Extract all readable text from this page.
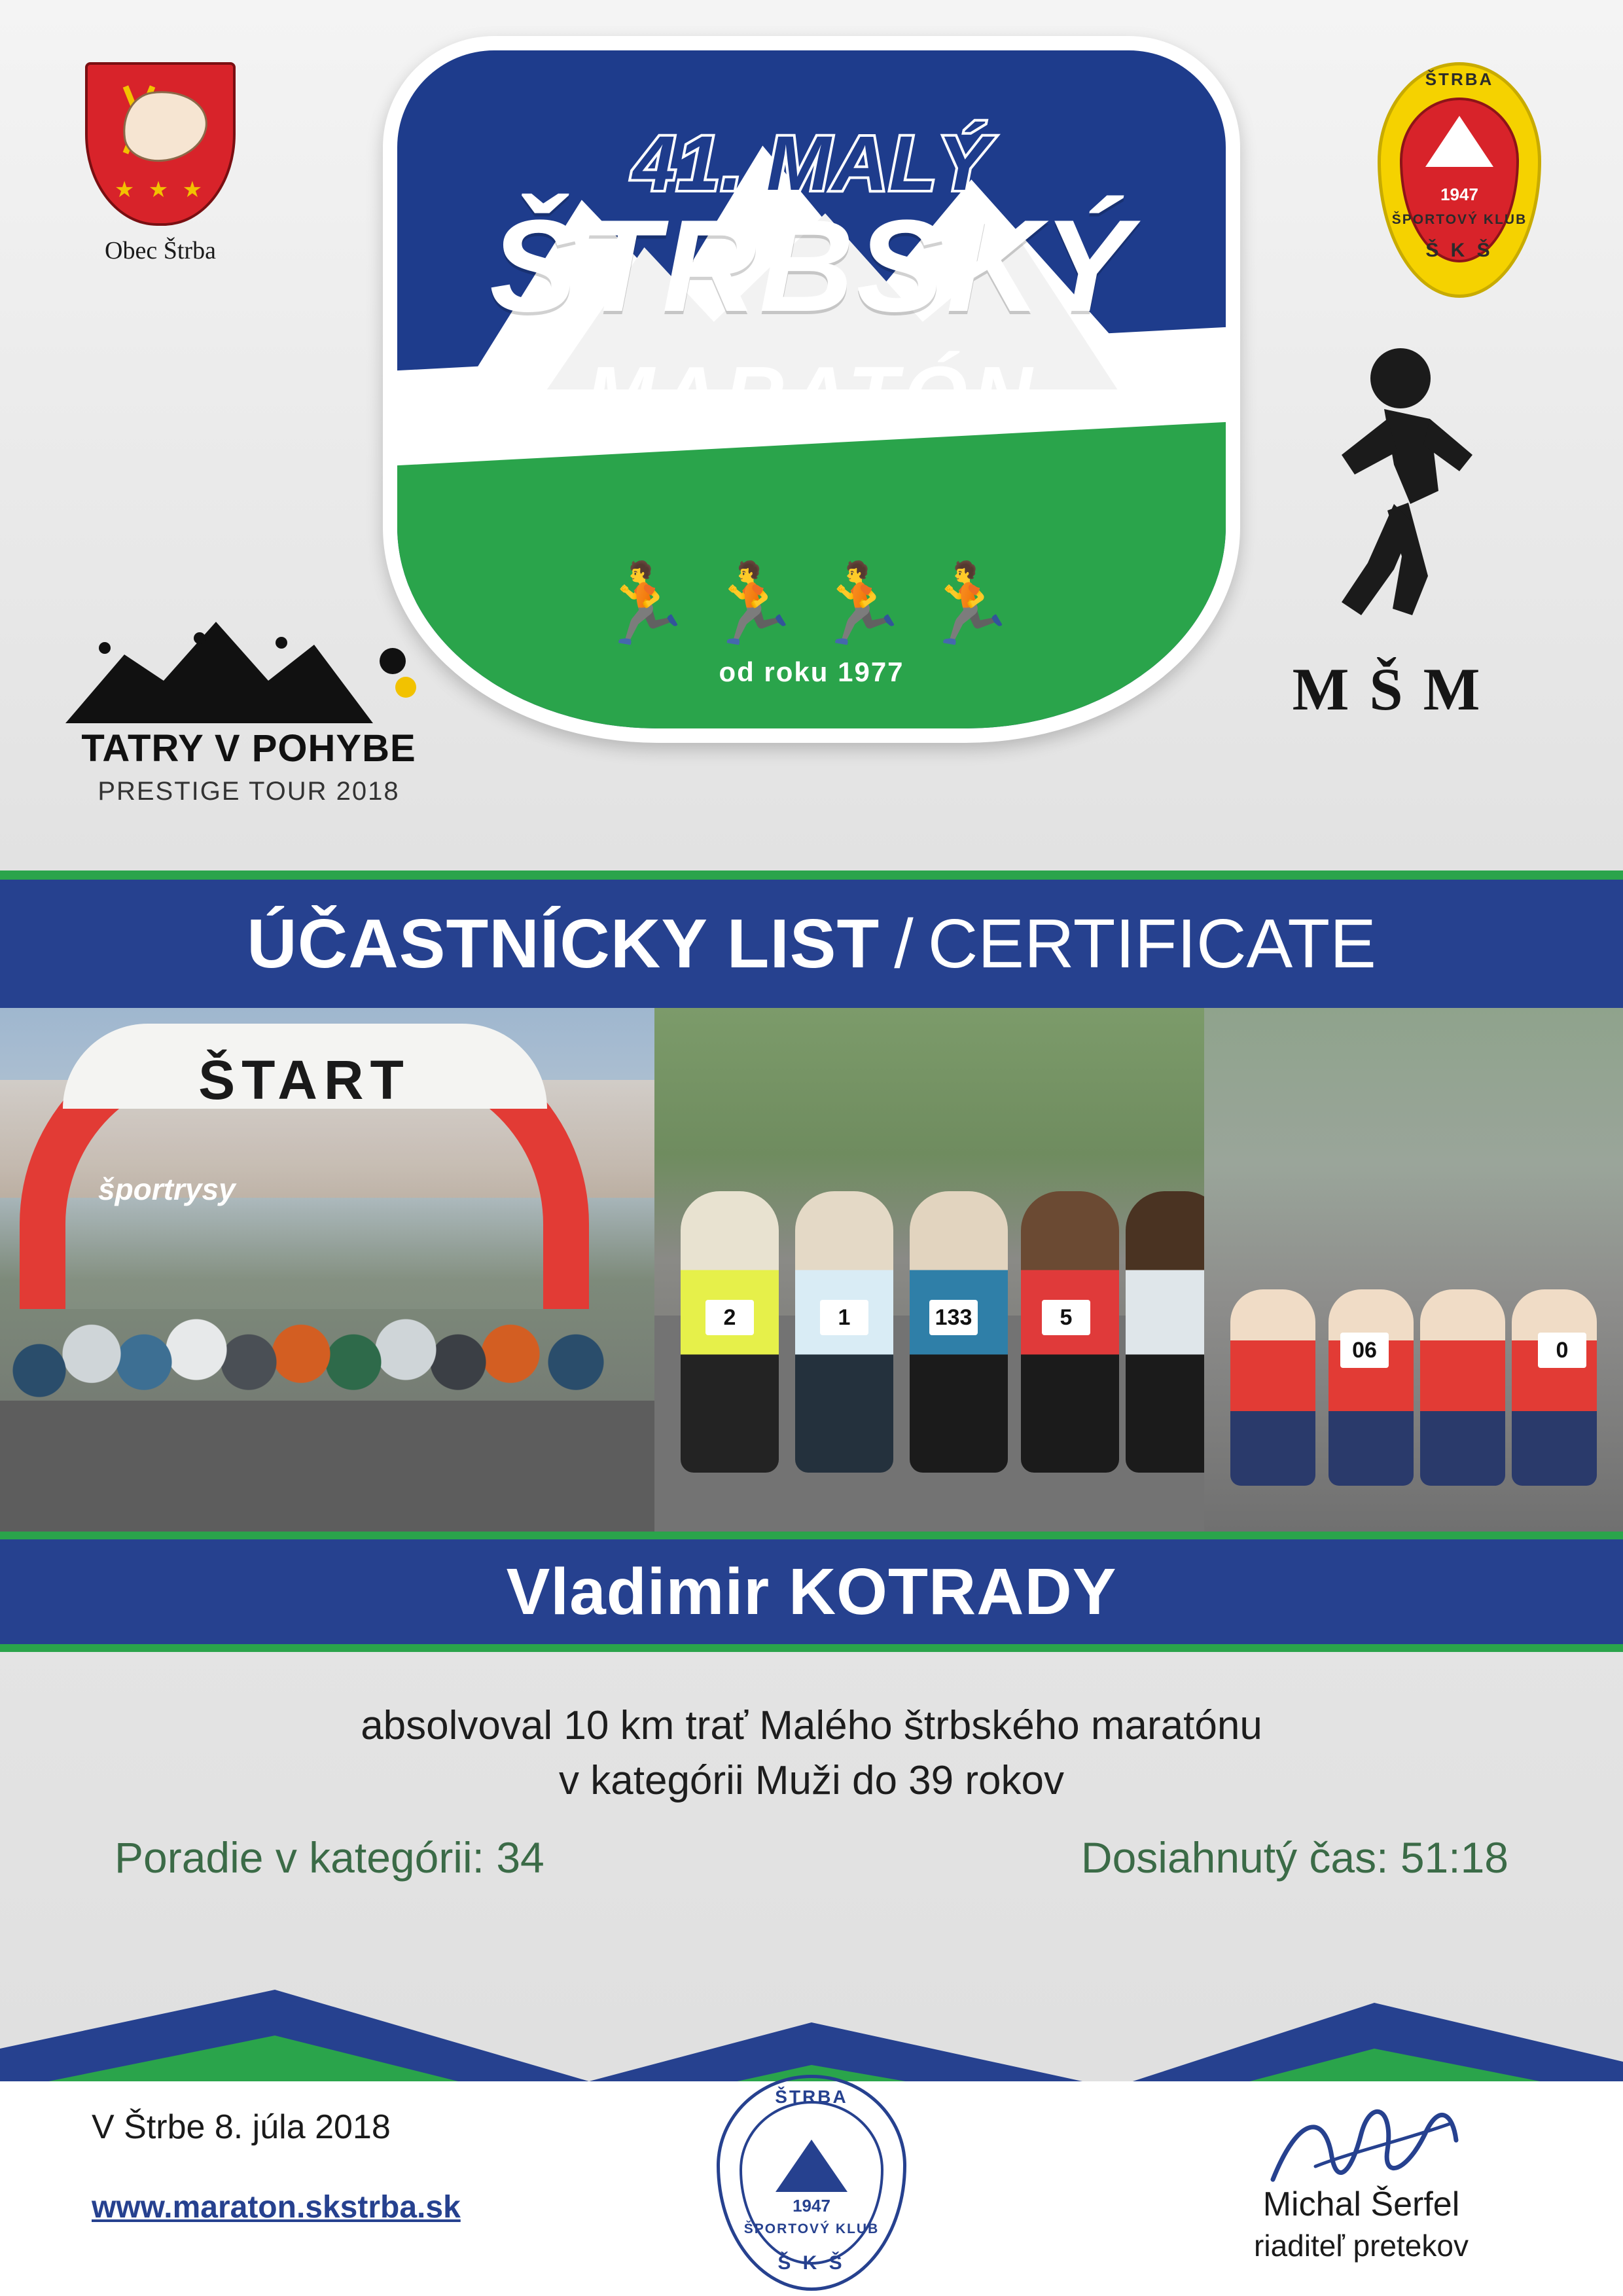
★ ★ ★
Obec Štrba
ŠTRBA
1947
ŠPORTOVÝ KLUB
Š K Š
41. MALÝ
ŠTRBSKÝ
MARATÓN
🏃🏃🏃🏃
od roku 1977
TATRY V POHYBE
PRESTIGE TOUR 2018
M Š M
ÚČASTNÍCKY LIST / CERTIFICATE
ŠTART
športrysy
2	1	133	5
06	0
Vladimir KOTRADY
absolvoval 10 km trať Malého štrbského maratónu
v kategórii Muži do 39 rokov
Poradie v kategórii: 34	Dosiahnutý čas: 51:18
V Štrbe 8. júla 2018
www.maraton.skstrba.sk
ŠTRBA
1947
ŠPORTOVÝ KLUB
Š K Š
Michal Šerfel
riaditeľ pretekov
